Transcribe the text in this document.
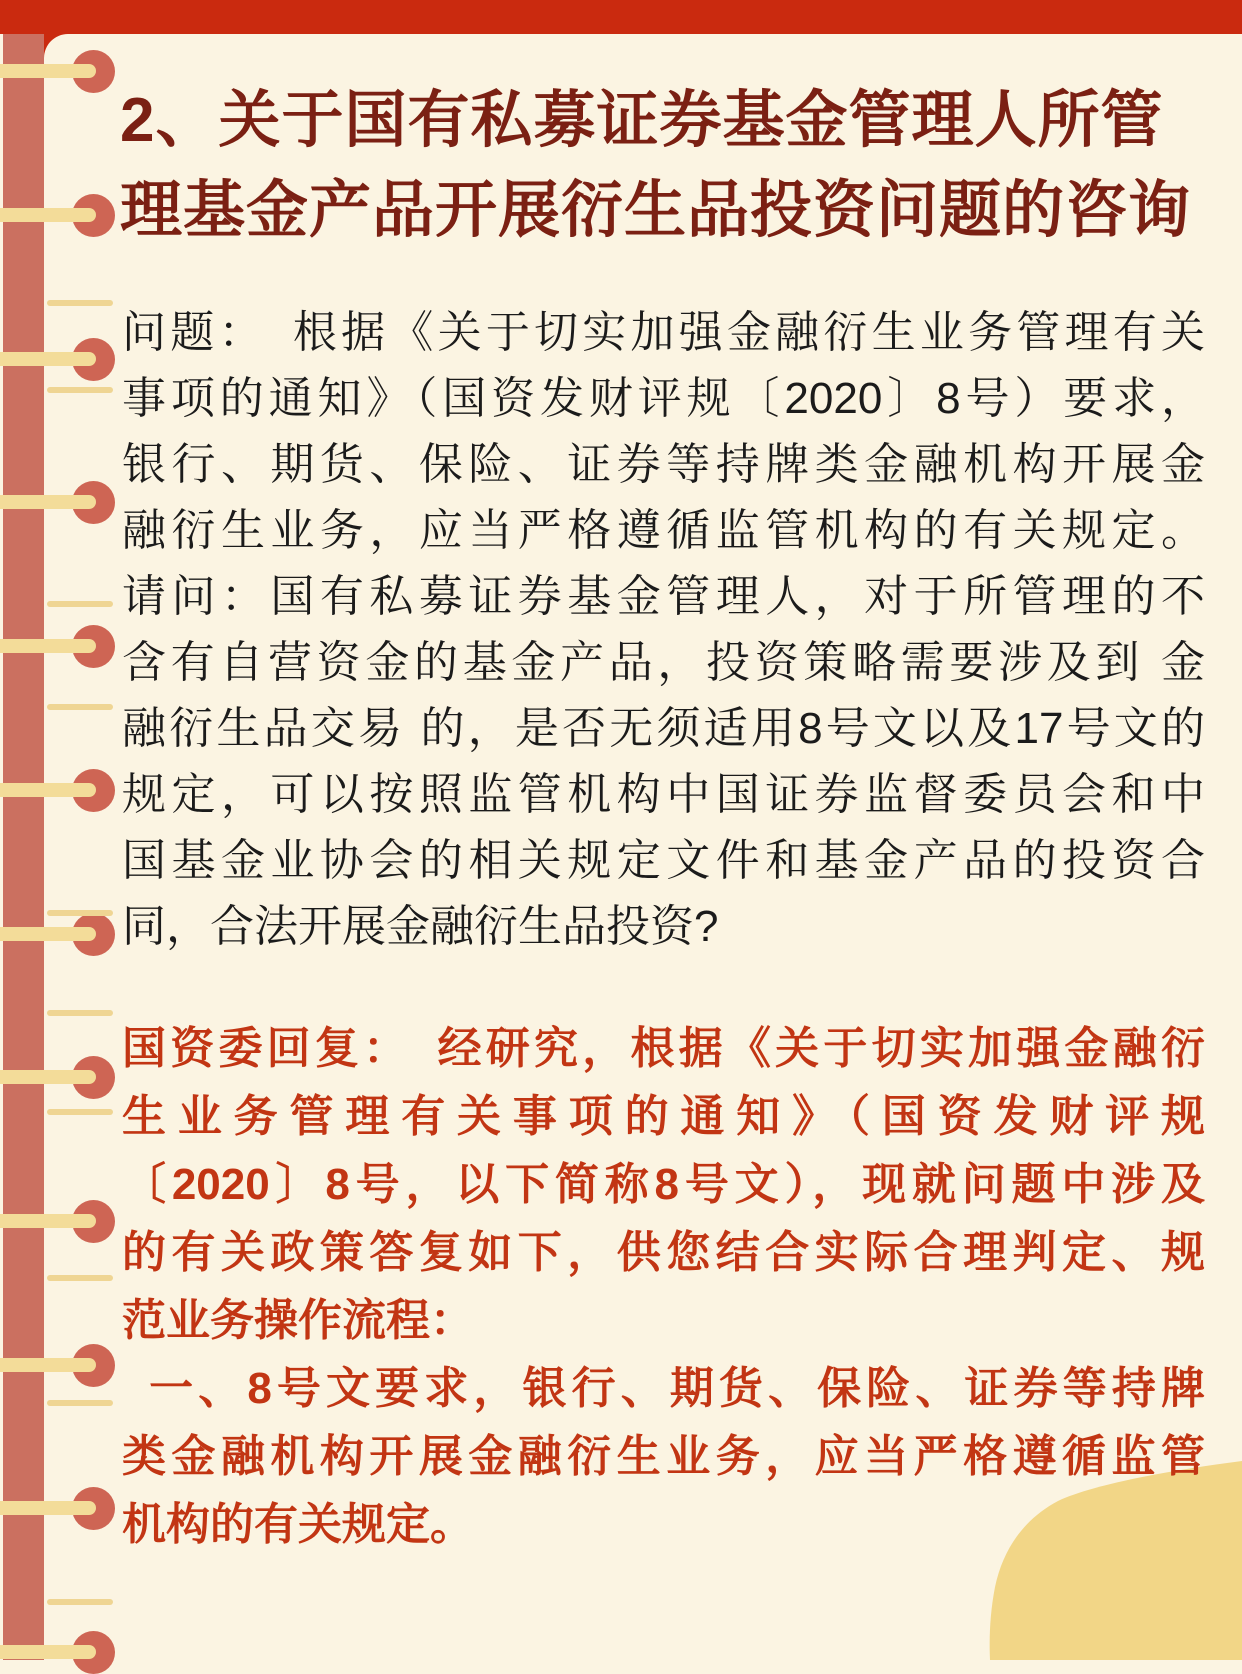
2、关于国有私募证券基金管理人所管
理基金产品开展衍生品投资问题的咨询
问题：　根据《关于切实加强金融衍生业务管理有关
事项的通知》（国资发财评规〔2020〕8号）要求，
银行、期货、保险、证券等持牌类金融机构开展金
融衍生业务，应当严格遵循监管机构的有关规定。
请问：国有私募证券基金管理人，对于所管理的不
含有自营资金的基金产品，投资策略需要涉及到 金
融衍生品交易 的，是否无须适用8号文以及17号文的
规定，可以按照监管机构中国证券监督委员会和中
国基金业协会的相关规定文件和基金产品的投资合
同，合法开展金融衍生品投资?
国资委回复：　经研究，根据《关于切实加强金融衍
生业务管理有关事项的通知》（国资发财评规
〔2020〕8号，以下简称8号文），现就问题中涉及
的有关政策答复如下，供您结合实际合理判定、规
范业务操作流程：
 一、8号文要求，银行、期货、保险、证券等持牌
类金融机构开展金融衍生业务，应当严格遵循监管
机构的有关规定。
